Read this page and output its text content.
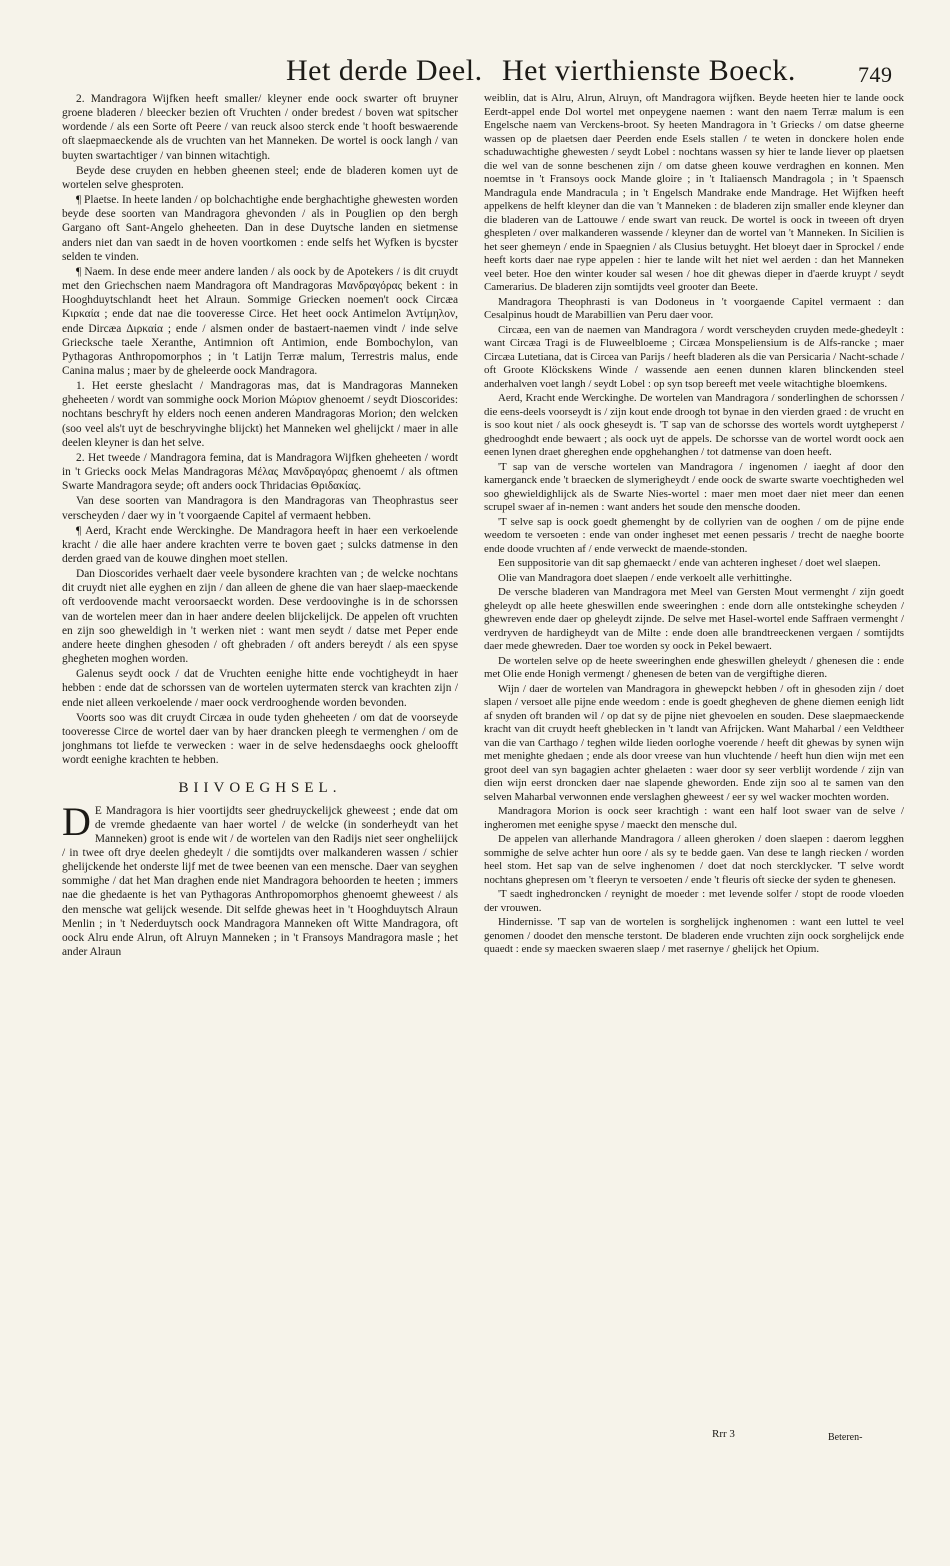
Het derde Deel. Het vierthienste Boeck.	749

2. Mandragora Wijfken heeft smaller/ kleyner ende oock swarter oft bruyner groene bladeren / bleecker bezien oft Vruchten / onder bredest / boven wat spitscher wordende / als een Sorte oft Peere / van reuck alsoo sterck ende 't hooft beswaerende oft slaepmaeckende als de vruchten van het Manneken. De wortel is oock langh / van buyten swartachtiger / van binnen witachtigh.

Beyde dese cruyden en hebben gheenen steel; ende de bladeren komen uyt de wortelen selve ghesproten.

¶ Plaetse. In heete landen / op bolchachtighe ende berghachtighe ghewesten worden beyde dese soorten van Mandragora ghevonden / als in Pouglien op den bergh Gargano oft Sant-Angelo gheheeten. Dan in dese Duytsche landen en sietmense anders niet dan van saedt in de hoven voortkomen : ende selfs het Wyfken is bycster selden te vinden.

¶ Naem. In dese ende meer andere landen / als oock by de Apotekers / is dit cruydt met den Griechschen naem Mandragora oft Mandragoras Μανδραγόρας bekent : in Hooghduytschlandt heet het Alraun. Sommige Griecken noemen't oock Circæa Κιρκαία ; ende dat nae die tooveresse Circe. Het heet oock Antimelon Ἀντίμηλον, ende Dircæa Διρκαία ; ende / alsmen onder de bastaert-naemen vindt / inde selve Griecksche taele Xeranthe, Antimnion oft Antimion, ende Bombochylon, van Pythagoras Anthropomorphos ; in 't Latijn Terræ malum, Terrestris malus, ende Canina malus ; maer by de gheleerde oock Mandragora.

1. Het eerste gheslacht / Mandragoras mas, dat is Mandragoras Manneken gheheeten / wordt van sommighe oock Morion Μώριον ghenoemt / seydt Dioscorides: nochtans beschryft hy elders noch eenen anderen Mandragoras Morion; den welcken (soo veel als't uyt de beschryvinghe blijckt) het Manneken wel ghelijckt / maer in alle deelen kleyner is dan het selve.

2. Het tweede / Mandragora femina, dat is Mandragora Wijfken gheheeten / wordt in 't Griecks oock Melas Mandragoras Μέλας Μανδραγόρας ghenoemt / als oftmen Swarte Mandragora seyde; oft anders oock Thridacias Θριδακίας.

Van dese soorten van Mandragora is den Mandragoras van Theophrastus seer verscheyden / daer wy in 't voorgaende Capitel af vermaent hebben.

¶ Aerd, Kracht ende Werckinghe. De Mandragora heeft in haer een verkoelende kracht / die alle haer andere krachten verre te boven gaet ; sulcks datmense in den derden graed van de kouwe dinghen moet stellen.

Dan Dioscorides verhaelt daer veele bysondere krachten van ; de welcke nochtans dit cruydt niet alle eyghen en zijn / dan alleen de ghene die van haer slaep-maeckende oft verdoovende macht veroorsaeckt worden. Dese verdoovinghe is in de schorssen van de wortelen meer dan in haer andere deelen blijckelijck. De appelen oft vruchten en zijn soo gheweldigh in 't werken niet : want men seydt / datse met Peper ende andere heete dinghen ghesoden / oft ghebraden / oft anders bereydt / als een spyse ghegheten moghen worden.

Galenus seydt oock / dat de Vruchten eenighe hitte ende vochtigheydt in haer hebben : ende dat de schorssen van de wortelen uytermaten sterck van krachten zijn / ende niet alleen verkoelende / maer oock verdrooghende worden bevonden.

Voorts soo was dit cruydt Circæa in oude tyden gheheeten / om dat de voorseyde tooveresse Circe de wortel daer van by haer drancken pleegh te vermenghen / om de jonghmans tot liefde te verwecken : waer in de selve hedensdaeghs oock gheloofft wordt eenighe krachten te hebben.

BIIVOEGHSEL.

D E Mandragora is hier voortijdts seer ghedruyckelijck gheweest ; ende dat om de vremde ghedaente van haer wortel / de welcke (in sonderheydt van het Manneken) groot is ende wit / de wortelen van den Radijs niet seer ongheliijck / in twee oft drye deelen ghedeylt / die somtijdts over malkanderen wassen / schier ghelijckende het onderste lijf met de twee beenen van een mensche. Daer van seyghen sommighe / dat het Man draghen ende niet Mandragora behoorden te heeten ; immers nae die ghedaente is het van Pythagoras Anthropomorphos ghenoemt gheweest / als den mensche wat gelijck wesende. Dit selfde ghewas heet in 't Hooghduytsch Alraun Menlin ; in 't Nederduytsch oock Mandragora Manneken oft Witte Mandragora, oft oock Alru ende Alrun, oft Alruyn Manneken ; in 't Fransoys Mandragora masle ; het ander Alraun

weiblin, dat is Alru, Alrun, Alruyn, oft Mandragora wijfken. Beyde heeten hier te lande oock Eerdt-appel ende Dol wortel met onpeygene naemen : want den naem Terræ malum is een Engelsche naem van Verckens-broot. Sy heeten Mandragora in 't Griecks / om datse gheerne wassen op de plaetsen daer Peerden ende Esels stallen / te weten in donckere holen ende schaduwachtighe ghewesten / seydt Lobel : nochtans wassen sy hier te lande liever op plaetsen die wel van de sonne beschenen zijn / om datse gheen kouwe verdraghen en konnen. Men noemtse in 't Fransoys oock Mande gloire ; in 't Italiaensch Mandragola ; in 't Spaensch Mandragula ende Mandracula ; in 't Engelsch Mandrake ende Mandrage. Het Wijfken heeft appelkens de helft kleyner dan die van 't Manneken : de bladeren zijn smaller ende kleyner dan die bladeren van de Lattouwe / ende swart van reuck. De wortel is oock in tweeen oft dryen ghespleten / over malkanderen wassende / kleyner dan de wortel van 't Manneken. In Sicilien is het seer ghemeyn / ende in Spaegnien / als Clusius betuyght. Het bloeyt daer in Sprockel / ende heeft korts daer nae rype appelen : hier te lande wilt het niet wel aerden : dan het Manneken veel beter. Hoe den winter kouder sal wesen / hoe dit ghewas dieper in d'aerde kruypt / seydt Camerarius. De bladeren zijn somtijdts veel grooter dan Beete.

Mandragora Theophrasti is van Dodoneus in 't voorgaende Capitel vermaent : dan Cesalpinus houdt de Marabillien van Peru daer voor.

Circæa, een van de naemen van Mandragora / wordt verscheyden cruyden mede-ghedeylt : want Circæa Tragi is de Fluweelbloeme ; Circæa Monspeliensium is de Alfs-rancke ; maer Circæa Lutetiana, dat is Circea van Parijs / heeft bladeren als die van Persicaria / Nacht-schade / oft Groote Klöckskens Winde / wassende aen eenen dunnen klaren blinckenden steel anderhalven voet langh / seydt Lobel : op syn tsop bereeft met veele witachtighe bloemkens.

Aerd, Kracht ende Werckinghe. De wortelen van Mandragora / sonderlinghen de schorssen / die eens-deels voorseydt is / zijn kout ende droogh tot bynae in den vierden graed : de vrucht en is soo kout niet / als oock gheseydt is. 'T sap van de schorsse des wortels wordt uytgheperst / ghedrooghdt ende bewaert ; als oock uyt de appels. De schorsse van de wortel wordt oock aen eenen lynen draet ghereghen ende opghehanghen / tot datmense van doen heeft.

'T sap van de versche wortelen van Mandragora / ingenomen / iaeght af door den kamerganck ende 't braecken de slymerigheydt / ende oock de swarte swarte voechtigheden wel soo ghewieldighlijck als de Swarte Nies-wortel : maer men moet daer niet meer dan eenen scrupel swaer af in-nemen : want anders het soude den mensche dooden.

'T selve sap is oock goedt ghemenght by de collyrien van de ooghen / om de pijne ende weedom te versoeten : ende van onder ingheset met eenen pessaris / trecht de naeghe boorte ende doode vruchten af / ende verweckt de maende-stonden.

Een suppositorie van dit sap ghemaeckt / ende van achteren ingheset / doet wel slaepen.

Olie van Mandragora doet slaepen / ende verkoelt alle verhittinghe.

De versche bladeren van Mandragora met Meel van Gersten Mout vermenght / zijn goedt gheleydt op alle heete gheswillen ende sweeringhen : ende dorn alle ontstekinghe scheyden / ghewreven ende daer op gheleydt zijnde. De selve met Hasel-wortel ende Saffraen vermenght / verdryven de hardigheydt van de Milte : ende doen alle brandtreeckenen vergaen / somtijdts daer mede ghewreden. Daer toe worden sy oock in Pekel bewaert.

De wortelen selve op de heete sweeringhen ende gheswillen gheleydt / ghenesen die : ende met Olie ende Honigh vermengt / ghenesen de beten van de vergiftighe dieren.

Wijn / daer de wortelen van Mandragora in ghewepckt hebben / oft in ghesoden zijn / doet slapen / versoet alle pijne ende weedom : ende is goedt ghegheven de ghene diemen eenigh lidt af snyden oft branden wil / op dat sy de pijne niet ghevoelen en souden. Dese slaepmaeckende kracht van dit cruydt heeft gheblecken in 't landt van Afrijcken. Want Maharbal / een Veldtheer van die van Carthago / teghen wilde lieden oorloghe voerende / heeft dit ghewas by synen wijn met menighte ghedaen ; ende als door vreese van hun vluchtende / heeft hun dien wijn met een groot deel van syn bagagien achter ghelaeten : waer door sy seer verblijt wordende / zijn van dien wijn eerst droncken daer nae slapende gheworden. Ende zijn soo al te samen van den selven Maharbal verwonnen ende verslaghen gheweest / eer sy wel wacker mochten worden.

Mandragora Morion is oock seer krachtigh : want een half loot swaer van de selve / ingheromen met eenighe spyse / maeckt den mensche dul.

De appelen van allerhande Mandragora / alleen gheroken / doen slaepen : daerom legghen sommighe de selve achter hun oore / als sy te bedde gaen. Van dese te langh riecken / worden heel stom. Het sap van de selve inghenomen / doet dat noch stercklycker. 'T selve wordt nochtans ghepresen om 't fleeryn te versoeten / ende 't fleuris oft siecke der syden te ghenesen.

'T saedt inghedroncken / reynight de moeder : met levende solfer / stopt de roode vloeden der vrouwen.

Hindernisse. 'T sap van de wortelen is sorghelijck inghenomen : want een luttel te veel genomen / doodet den mensche terstont. De bladeren ende vruchten zijn oock sorghelijck ende quaedt : ende sy maecken swaeren slaep / met rasernye / ghelijck het Opium.

Rrr 3	Beteren-
